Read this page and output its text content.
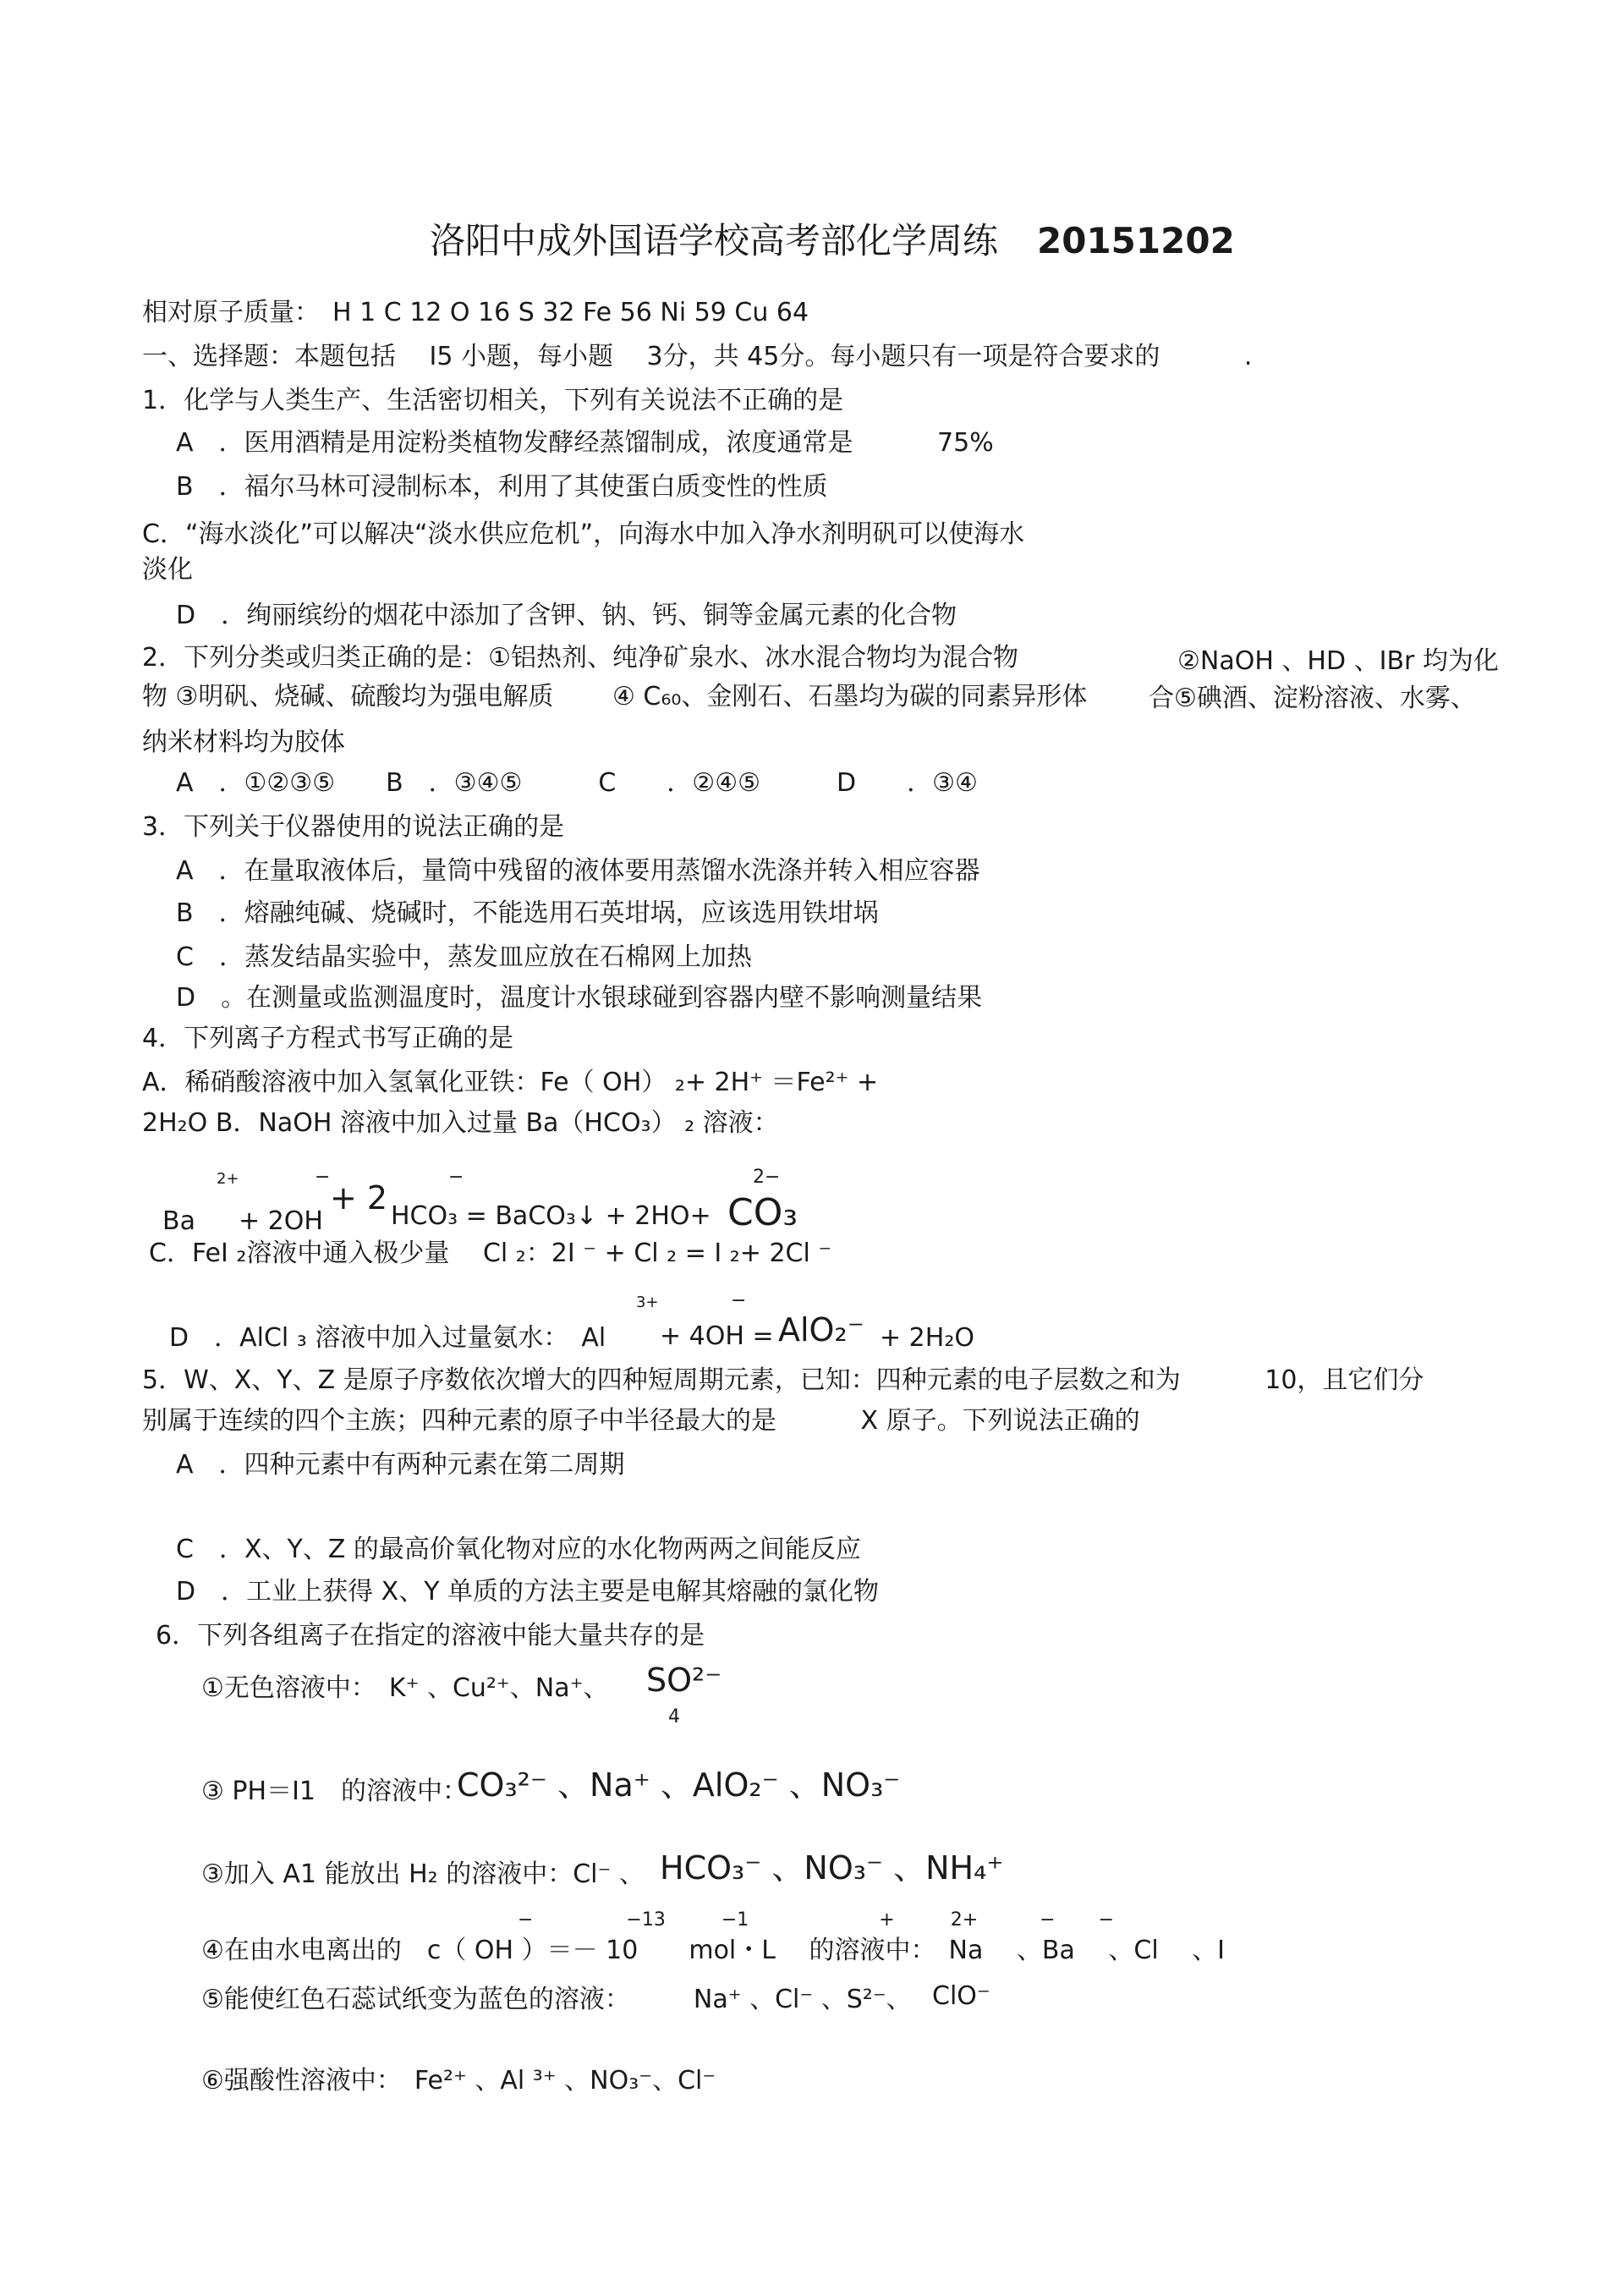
洛阳中成外国语学校高考部化学周练 20151202
相对原子质量：　H 1 C 12 O 16 S 32 Fe 56 Ni 59 Cu 64
一、选择题：本题包括　 I5 小题，每小题　 3分，共 45分。每小题只有一项是符合要求的　　　 .
1．化学与人类生产、生活密切相关，下列有关说法不正确的是
A　．医用酒精是用淀粉类植物发酵经蒸馏制成，浓度通常是　　　 75%
B　．福尔马林可浸制标本，利用了其使蛋白质变性的性质
C．“海水淡化”可以解决“淡水供应危机”，向海水中加入净水剂明矾可以使海水
淡化
D　．绚丽缤纷的烟花中添加了含钾、钠、钙、铜等金属元素的化合物
2．下列分类或归类正确的是：①铝热剂、纯净矿泉水、冰水混合物均为混合物	②NaOH 、HD 、IBr 均为化
物 ③明矾、烧碱、硫酸均为强电解质　　 ④ C₆₀、金刚石、石墨均为碳的同素异形体 合⑤碘酒、淀粉溶液、水雾、
纳米材料均为胶体
A　．①②③⑤　　B　．③④⑤　　　C　　．②④⑤　　　D　　．③④
3．下列关于仪器使用的说法正确的是
A　．在量取液体后，量筒中残留的液体要用蒸馏水洗涤并转入相应容器
B　．熔融纯碱、烧碱时，不能选用石英坩埚，应该选用铁坩埚
C　．蒸发结晶实验中，蒸发皿应放在石棉网上加热
D　。在测量或监测温度时，温度计水银球碰到容器内壁不影响测量结果
4．下列离子方程式书写正确的是
A．稀硝酸溶液中加入氢氧化亚铁：Fe（ OH） ₂+ 2H⁺ ＝Fe²⁺ +
2H₂O B．NaOH 溶液中加入过量 Ba（HCO₃） ₂ 溶液：
2+	−	−	2−
Ba + 2OH
+ 2 HCO₃ = BaCO₃↓ + 2HO+ CO₃
C．FeI ₂溶液中通入极少量　 Cl ₂：2I ⁻ + Cl ₂ = I ₂+ 2Cl ⁻
3+	−
D　．AlCl ₃ 溶液中加入过量氨水：　Al + 4OH = AlO₂⁻ + 2H₂O
5．W、X、Y、Z 是原子序数依次增大的四种短周期元素，已知：四种元素的电子层数之和为　　　 10，且它们分
别属于连续的四个主族；四种元素的原子中半径最大的是　　　 X 原子。下列说法正确的
A　．四种元素中有两种元素在第二周期
C　．X、Y、Z 的最高价氧化物对应的水化物两两之间能反应
D　．工业上获得 X、Y 单质的方法主要是电解其熔融的氯化物
6．下列各组离子在指定的溶液中能大量共存的是
①无色溶液中：　K⁺ 、Cu²⁺、Na⁺、 SO²⁻
4
③ PH＝I1　的溶液中：
CO₃²⁻ 、Na⁺ 、AlO₂⁻ 、NO₃⁻
③加入 A1 能放出 H₂ 的溶液中：Cl⁻ 、 HCO₃⁻ 、NO₃⁻ 、NH₄⁺
−　　　　　−13　　　−1　　　　　　　+　　　2+　　　 −　　 −
④在由水电离出的　c（ OH ）＝－ 10　　mol・L　 的溶液中：　Na　 、Ba　 、Cl　 、I
⑤能使红色石蕊试纸变为蓝色的溶液：　　　Na⁺ 、Cl⁻ 、S²⁻、 ClO⁻
⑥强酸性溶液中：　Fe²⁺ 、Al ³⁺ 、NO₃⁻、Cl⁻
